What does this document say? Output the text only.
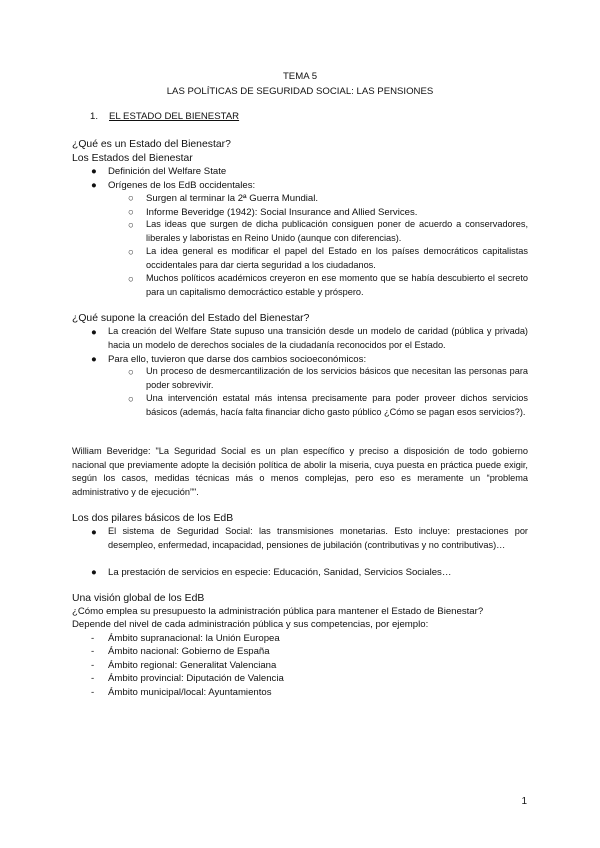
TEMA 5
LAS POLÍTICAS DE SEGURIDAD SOCIAL: LAS PENSIONES
1. EL ESTADO DEL BIENESTAR
¿Qué es un Estado del Bienestar?
Los Estados del Bienestar
● Definición del Welfare State
● Orígenes de los EdB occidentales:
○ Surgen al terminar la 2ª Guerra Mundial.
○ Informe Beveridge (1942): Social Insurance and Allied Services.
○ Las ideas que surgen de dicha publicación consiguen poner de acuerdo a conservadores, liberales y laboristas en Reino Unido (aunque con diferencias).
○ La idea general es modificar el papel del Estado en los países democráticos capitalistas occidentales para dar cierta seguridad a los ciudadanos.
○ Muchos políticos académicos creyeron en ese momento que se había descubierto el secreto para un capitalismo democráctico estable y próspero.
¿Qué supone la creación del Estado del Bienestar?
● La creación del Welfare State supuso una transición desde un modelo de caridad (pública y privada) hacia un modelo de derechos sociales de la ciudadanía reconocidos por el Estado.
● Para ello, tuvieron que darse dos cambios socioeconómicos:
○ Un proceso de desmercantilización de los servicios básicos que necesitan las personas para poder sobrevivir.
○ Una intervención estatal más intensa precisamente para poder proveer dichos servicios básicos (además, hacía falta financiar dicho gasto público ¿Cómo se pagan esos servicios?).
William Beveridge: "La Seguridad Social es un plan específico y preciso a disposición de todo gobierno nacional que previamente adopte la decisión política de abolir la miseria, cuya puesta en práctica puede exigir, según los casos, medidas técnicas más o menos complejas, pero eso es meramente un “problema administrativo y de ejecución”".
Los dos pilares básicos de los EdB
● El sistema de Seguridad Social: las transmisiones monetarias. Esto incluye: prestaciones por desempleo, enfermedad, incapacidad, pensiones de jubilación (contributivas y no contributivas)…
● La prestación de servicios en especie: Educación, Sanidad, Servicios Sociales…
Una visión global de los EdB
¿Cómo emplea su presupuesto la administración pública para mantener el Estado de Bienestar?
Depende del nivel de cada administración pública y sus competencias, por ejemplo:
- Ámbito supranacional: la Unión Europea
- Ámbito nacional: Gobierno de España
- Ámbito regional: Generalitat Valenciana
- Ámbito provincial: Diputación de Valencia
- Ámbito municipal/local: Ayuntamientos
1
